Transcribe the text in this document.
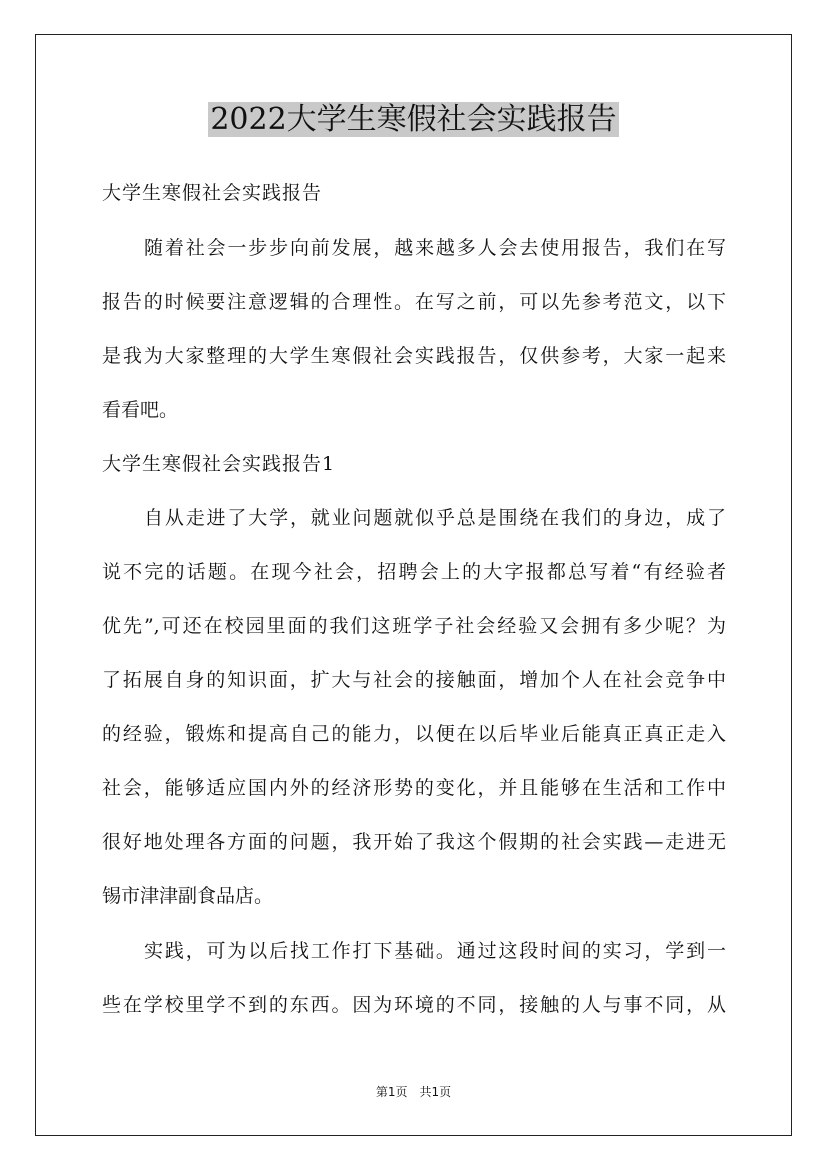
2022大学生寒假社会实践报告
大学生寒假社会实践报告
随着社会一步步向前发展，越来越多人会去使用报告，我们在写
报告的时候要注意逻辑的合理性。在写之前，可以先参考范文，以下
是我为大家整理的大学生寒假社会实践报告，仅供参考，大家一起来
看看吧。
大学生寒假社会实践报告1
自从走进了大学，就业问题就似乎总是围绕在我们的身边，成了
说不完的话题。在现今社会，招聘会上的大字报都总写着“有经验者
优先”,可还在校园里面的我们这班学子社会经验又会拥有多少呢？为
了拓展自身的知识面，扩大与社会的接触面，增加个人在社会竞争中
的经验，锻炼和提高自己的能力，以便在以后毕业后能真正真正走入
社会，能够适应国内外的经济形势的变化，并且能够在生活和工作中
很好地处理各方面的问题，我开始了我这个假期的社会实践—走进无
锡市津津副食品店。
实践，可为以后找工作打下基础。通过这段时间的实习，学到一
些在学校里学不到的东西。因为环境的不同，接触的人与事不同，从
第1页　共1页
